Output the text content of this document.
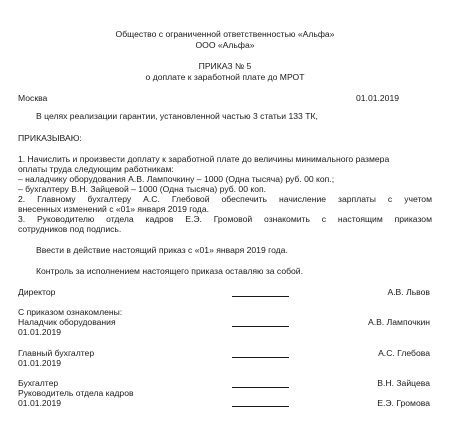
Общество с ограниченной ответственностью «Альфа»
ООО «Альфа»
ПРИКАЗ № 5
о доплате к заработной плате до МРОТ
Москва	01.01.2019
В целях реализации гарантии, установленной частью 3 статьи 133 ТК,
ПРИКАЗЫВАЮ:
1. Начислить и произвести доплату к заработной плате до величины минимального размера
оплаты труда следующим работникам:
– наладчику оборудования А.В. Лампочкину – 1000 (Одна тысяча) руб. 00 коп.;
– бухгалтеру В.Н. Зайцевой – 1000 (Одна тысяча) руб. 00 коп.
2. Главному бухгалтеру А.С. Глебовой обеспечить начисление зарплаты с учетом
внесенных изменений с «01» января 2019 года.
3. Руководителю отдела кадров Е.Э. Громовой ознакомить с настоящим приказом
сотрудников под подпись.
Ввести в действие настоящий приказ с «01» января 2019 года.
Контроль за исполнением настоящего приказа оставляю за собой.
Директор	А.В. Львов
С приказом ознакомлены:
Наладчик оборудования	А.В. Лампочкин
01.01.2019
Главный бухгалтер	А.С. Глебова
01.01.2019
Бухгалтер	В.Н. Зайцева
Руководитель отдела кадров
01.01.2019	Е.Э. Громова
